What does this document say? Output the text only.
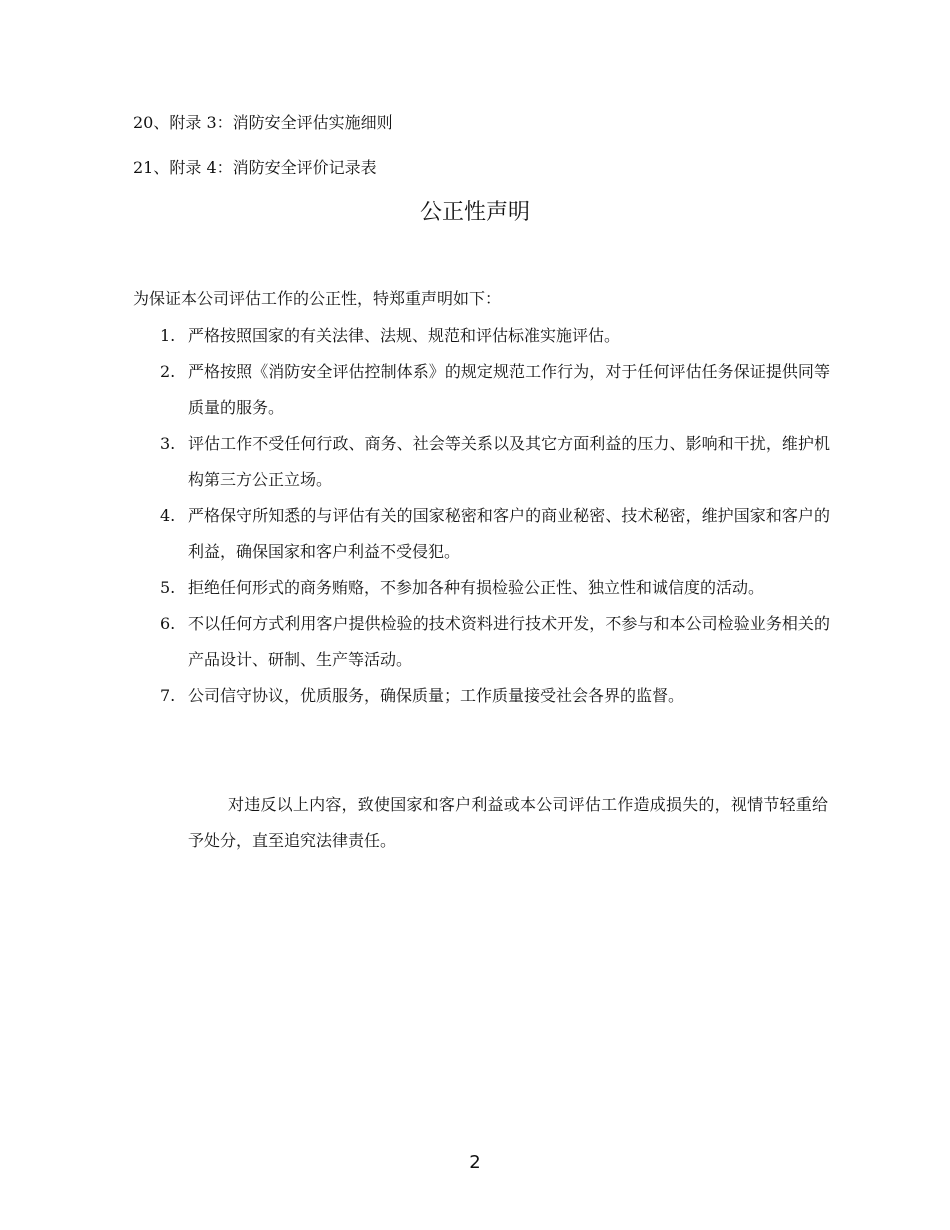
20、附录 3：消防安全评估实施细则
21、附录 4：消防安全评价记录表
公正性声明
为保证本公司评估工作的公正性，特郑重声明如下：
1. 严格按照国家的有关法律、法规、规范和评估标准实施评估。
2. 严格按照《消防安全评估控制体系》的规定规范工作行为，对于任何评估任务保证提供同等质量的服务。
3. 评估工作不受任何行政、商务、社会等关系以及其它方面利益的压力、影响和干扰，维护机构第三方公正立场。
4. 严格保守所知悉的与评估有关的国家秘密和客户的商业秘密、技术秘密，维护国家和客户的利益，确保国家和客户利益不受侵犯。
5. 拒绝任何形式的商务贿赂，不参加各种有损检验公正性、独立性和诚信度的活动。
6. 不以任何方式利用客户提供检验的技术资料进行技术开发，不参与和本公司检验业务相关的产品设计、研制、生产等活动。
7. 公司信守协议，优质服务，确保质量；工作质量接受社会各界的监督。

对违反以上内容，致使国家和客户利益或本公司评估工作造成损失的，视情节轻重给予处分，直至追究法律责任。

2
